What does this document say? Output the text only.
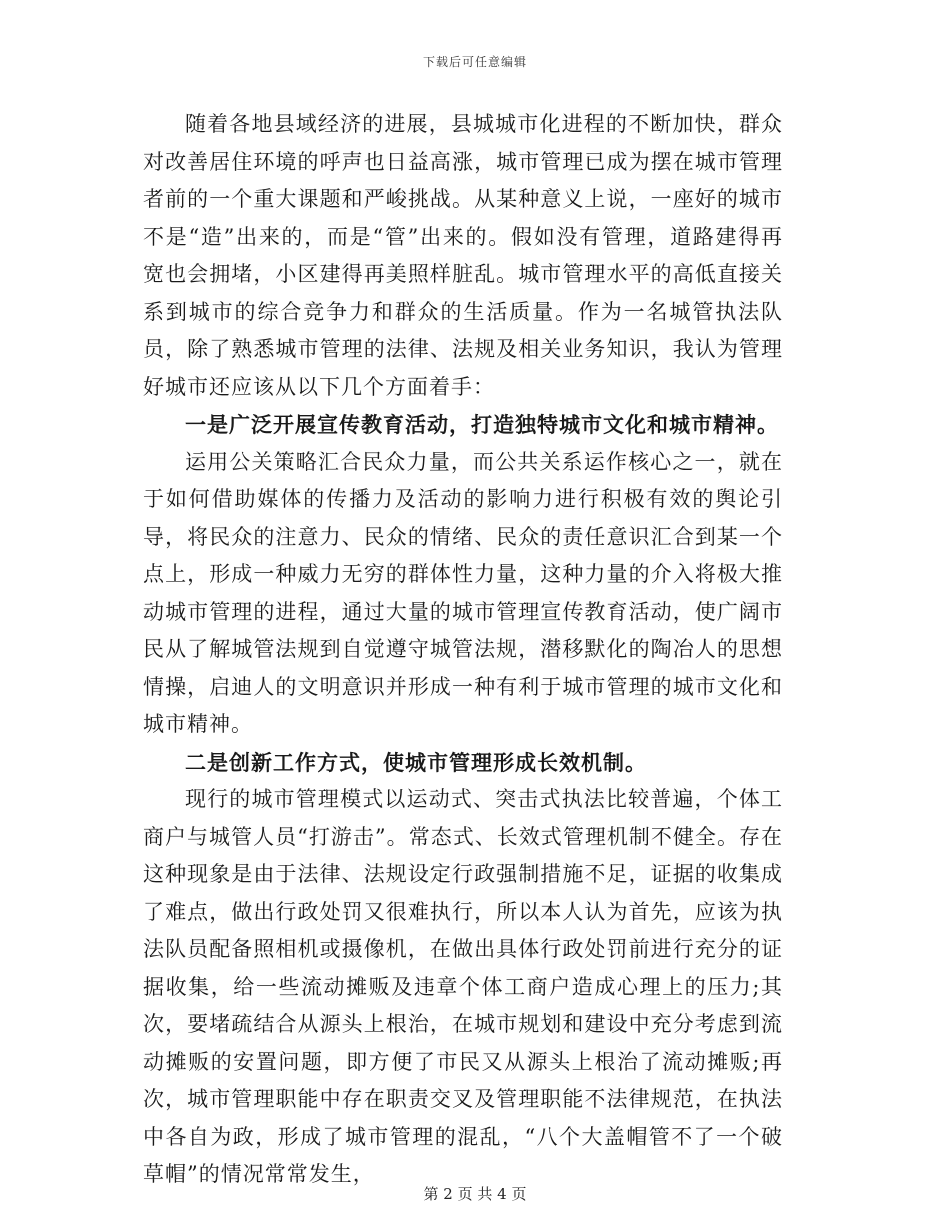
下载后可任意编辑

随着各地县域经济的进展，县城城市化进程的不断加快，群众对改善居住环境的呼声也日益高涨，城市管理已成为摆在城市管理者前的一个重大课题和严峻挑战。从某种意义上说，一座好的城市不是“造”出来的，而是“管”出来的。假如没有管理，道路建得再宽也会拥堵，小区建得再美照样脏乱。城市管理水平的高低直接关系到城市的综合竞争力和群众的生活质量。作为一名城管执法队员，除了熟悉城市管理的法律、法规及相关业务知识，我认为管理好城市还应该从以下几个方面着手：

一是广泛开展宣传教育活动，打造独特城市文化和城市精神。

运用公关策略汇合民众力量，而公共关系运作核心之一，就在于如何借助媒体的传播力及活动的影响力进行积极有效的舆论引导，将民众的注意力、民众的情绪、民众的责任意识汇合到某一个点上，形成一种威力无穷的群体性力量，这种力量的介入将极大推动城市管理的进程，通过大量的城市管理宣传教育活动，使广阔市民从了解城管法规到自觉遵守城管法规，潜移默化的陶冶人的思想情操，启迪人的文明意识并形成一种有利于城市管理的城市文化和城市精神。

二是创新工作方式，使城市管理形成长效机制。

现行的城市管理模式以运动式、突击式执法比较普遍，个体工商户与城管人员“打游击”。常态式、长效式管理机制不健全。存在这种现象是由于法律、法规设定行政强制措施不足，证据的收集成了难点，做出行政处罚又很难执行，所以本人认为首先，应该为执法队员配备照相机或摄像机，在做出具体行政处罚前进行充分的证据收集，给一些流动摊贩及违章个体工商户造成心理上的压力;其次，要堵疏结合从源头上根治，在城市规划和建设中充分考虑到流动摊贩的安置问题，即方便了市民又从源头上根治了流动摊贩;再次，城市管理职能中存在职责交叉及管理职能不法律规范，在执法中各自为政，形成了城市管理的混乱，“八个大盖帽管不了一个破草帽”的情况常常发生，

第 2 页 共 4 页
